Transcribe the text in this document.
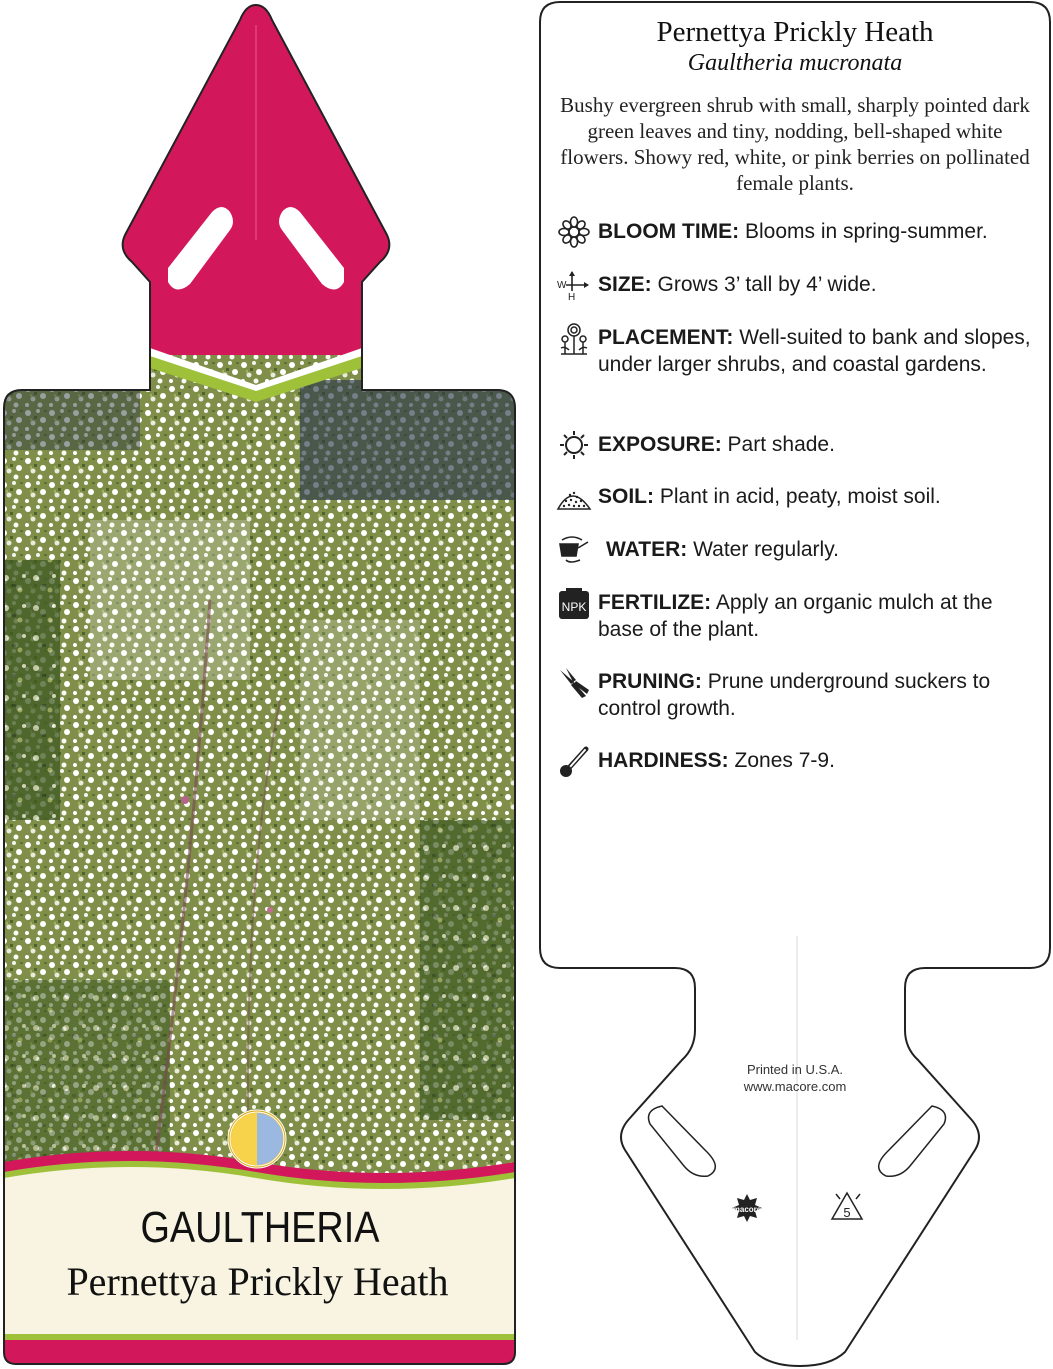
GAULTHERIA
Pernettya Prickly Heath
Pernettya Prickly Heath
Gaultheria mucronata
Bushy evergreen shrub with small, sharply pointed dark green leaves and tiny, nodding, bell-shaped white flowers. Showy red, white, or pink berries on pollinated female plants.
BLOOM TIME: Blooms in spring-summer.
W
H
SIZE: Grows 3’ tall by 4’ wide.
PLACEMENT: Well-suited to bank and slopes, under larger shrubs, and coastal gardens.
EXPOSURE: Part shade.
SOIL: Plant in acid, peaty, moist soil.
WATER: Water regularly.
NPK FERTILIZE: Apply an organic mulch at the base of the plant.
PRUNING: Prune underground suckers to control growth.
HARDINESS: Zones 7-9.
Printed in U.S.A.
www.macore.com
macore	5
